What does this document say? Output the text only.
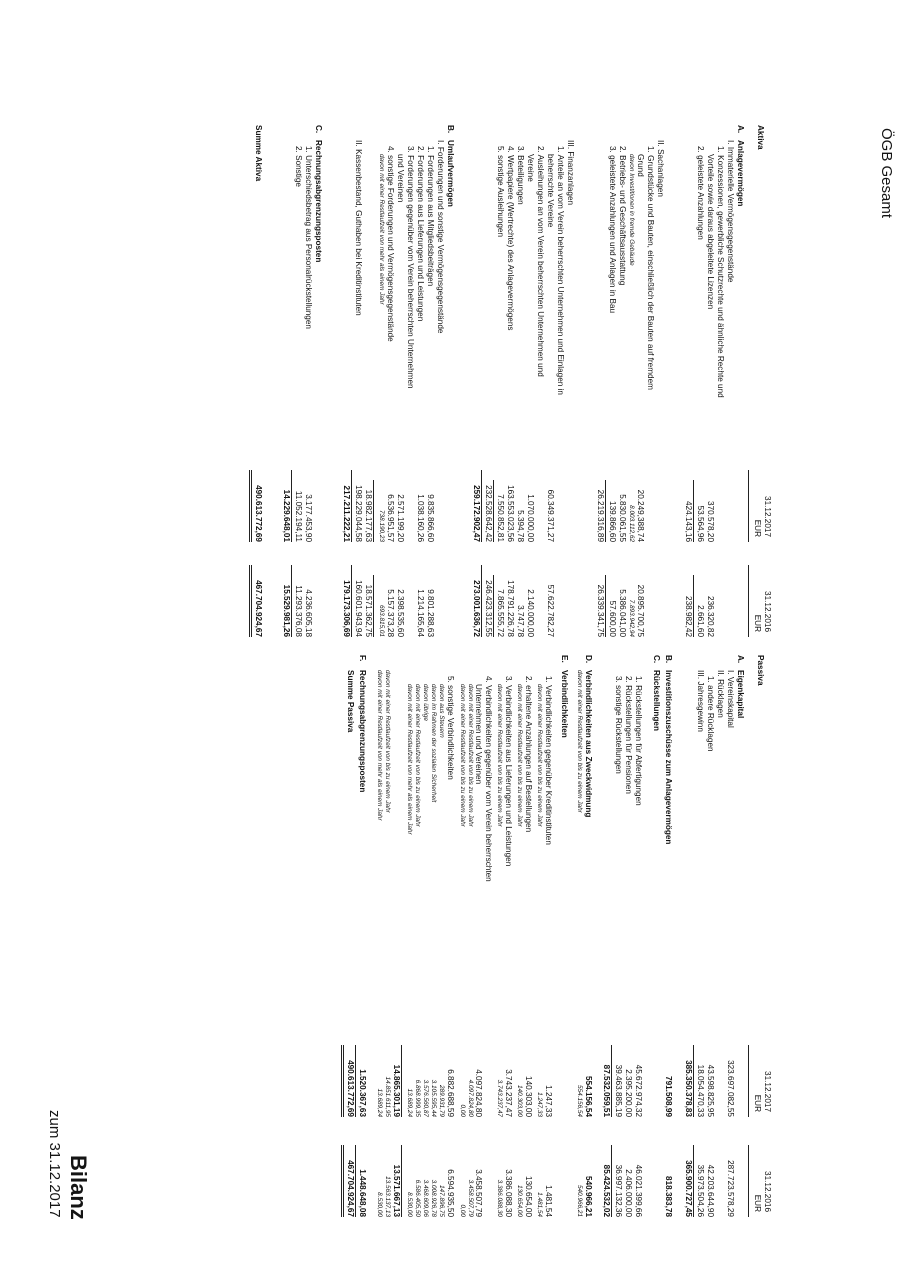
ÖGB Gesamt
Bilanz
zum 31.12.2017
Aktiva
31.12.2017
EUR
31.12.2016
EUR
A.
Anlagevermögen
I. Immaterielle Vermögensgegenstände
1. Konzessionen, gewerbliche Schutzrechte und ähnliche Rechte und
Vorteile sowie daraus abgeleitete Lizenzen
2. geleistete Anzahlungen
370.578,20
236.320,82
53.564,96
2.661,60
424.143,16
238.982,42
II. Sachanlagen
1. Grundstücke und Bauten, einschließlich der Bauten auf fremdem
Grund
davon Investitionen in fremde Gebäude
2. Betriebs- und Geschäftsausstattung
3. geleistete Anzahlungen und Anlagen in Bau
20.249,388,74
20.895.700,75
8.003.112,62
7.893.942,94
5.830.061,55
5.386.041,00
139.866,60
57.600,00
26.219.316,89
26.339.341,75
III. Finanzanlagen
1. Anteile an vom Verein beherrschten Unternehmen und Einlagen in
beherrschte Vereine
2. Ausleihungen an vom Verein beherrschten Unternehmen und
Vereine
3. Beteiligungen
4. Wertpapiere (Wertrechte) des Anlagevermögens
5. sonstige Ausleihungen
60.349.371,27
57.622.782,27
1.070.000,00
2.140.000,00
5.394,78
3.747,78
163.553.023,56
178.791.226,78
7.550.852,81
7.865.555,72
232.528.642,42
246.423.312,55
259.172.902,47
273.001.636,72
B.
Umlaufvermögen
I. Forderungen und sonstige Vermögensgegenstände
1. Forderungen aus Mitgliedsbeiträgen
2. Forderungen aus Lieferungen und Leistungen
3. Forderungen gegenüber vom Verein beherrschten Unternehmen
und Vereinen
4. sonstige Forderungen und Vermögensgegenstände
davon mit einer Restlaufzeit von mehr als einem Jahr
9.835.866,60
9.801.288,63
1.038.160,26
1.214.165,64
2.571.199,20
2.398.535,60
6.536.951,57
5.157.373,28
738.190,23
693.815,01
18.982.177,63
18.571.362,75
II. Kassenbestand, Guthaben bei Kreditinstituten
198.229.044,58
160.601.943,94
217.211.222,21
179.173.306,69
C.
Rechnungsabgrenzungsposten
1. Unterschiedsbetrag aus Personalrückstellungen
2. Sonstige
3.177.453,90
4.236.605,18
11.052.194,11
11.293.376,08
14.229.648,01
15.529.981,26
Summe Aktiva
490.613.772,69
467.704.924,67
Passiva
31.12.2017
EUR
31.12.2016
EUR
A.
Eigenkapital
I. Vereinskapital
II. Rücklagen
1. andere Rücklagen
III. Jahresgewinn
323.697.082,55
287.723.578,29
43.598.825,95
42.203.644,90
18.054.470,33
35.973.504,26
385.350.378,83
365.900.727,45
B.
Investitionszuschüsse zum Anlagevermögen
791.508,99
818.383,78
C.
Rückstellungen
1. Rückstellungen für Abfertigungen
2. Rückstellungen für Pensionen
3. sonstige Rückstellungen
45.672.974,32
46.021.399,66
2.395.200,00
2.406.000,00
39.463.885,19
36.997.132,36
87.532.059,51
85.424.532,02
D.
Verbindlichkeiten aus Zweckwidmung
davon mit einer Restlaufzeit von bis zu einem Jahr
554.156,54
540.966,21
554.156,54
540.966,21
E.
Verbindlichkeiten
1. Verbindlichkeiten gegenüber Kreditinstituten
davon mit einer Restlaufzeit von bis zu einem Jahr
1.247,33
1.481,54
1.247,33
1.481,54
2. erhaltene Anzahlungen auf Bestellungen
davon mit einer Restlaufzeit von bis zu einem Jahr
140.303,00
130.654,00
140.303,00
130.654,00
3. Verbindlichkeiten aus Lieferungen und Leistungen
davon mit einer Restlaufzeit von bis zu einem Jahr
3.743.237,47
3.386.088,30
3.743.237,47
3.386.088,30
4. Verbindlichkeiten gegenüber vom Verein beherrschten
Unternehmen und Vereinen
davon mit einer Restlaufzeit von bis zu einem Jahr
davon mit einer Restlaufzeit von bis zu einem Jahr
4.097.824,80
3.458.507,79
4.097.824,80
3.458.507,79
0,00
0,00
5. sonstige Verbindlichkeiten
davon aus Steuern
davon im Rahmen der sozialen Sicherheit
davon übrige
davon mit einer Restlaufzeit von bis zu einem Jahr
davon mit einer Restlaufzeit von mehr als einem Jahr
6.882.688,59
6.594.935,50
289.931,79
147.896,75
3.105.595,44
3.008.926,78
3.576.560,87
3.468.609,06
6.868.999,35
6.586.405,50
13.689,24
8.530,00
14.865.301,19
13.571.667,13
davon mit einer Restlaufzeit von bis zu einem Jahr
davon mit einer Restlaufzeit von mehr als einem Jahr
14.851.611,95
13.563.137,13
13.689,24
8.530,00
F.
Rechnungsabgrenzungsposten
1.520.367,63
1.448.648,08
Summe Passiva
490.613.772,69
467.704.924,67
